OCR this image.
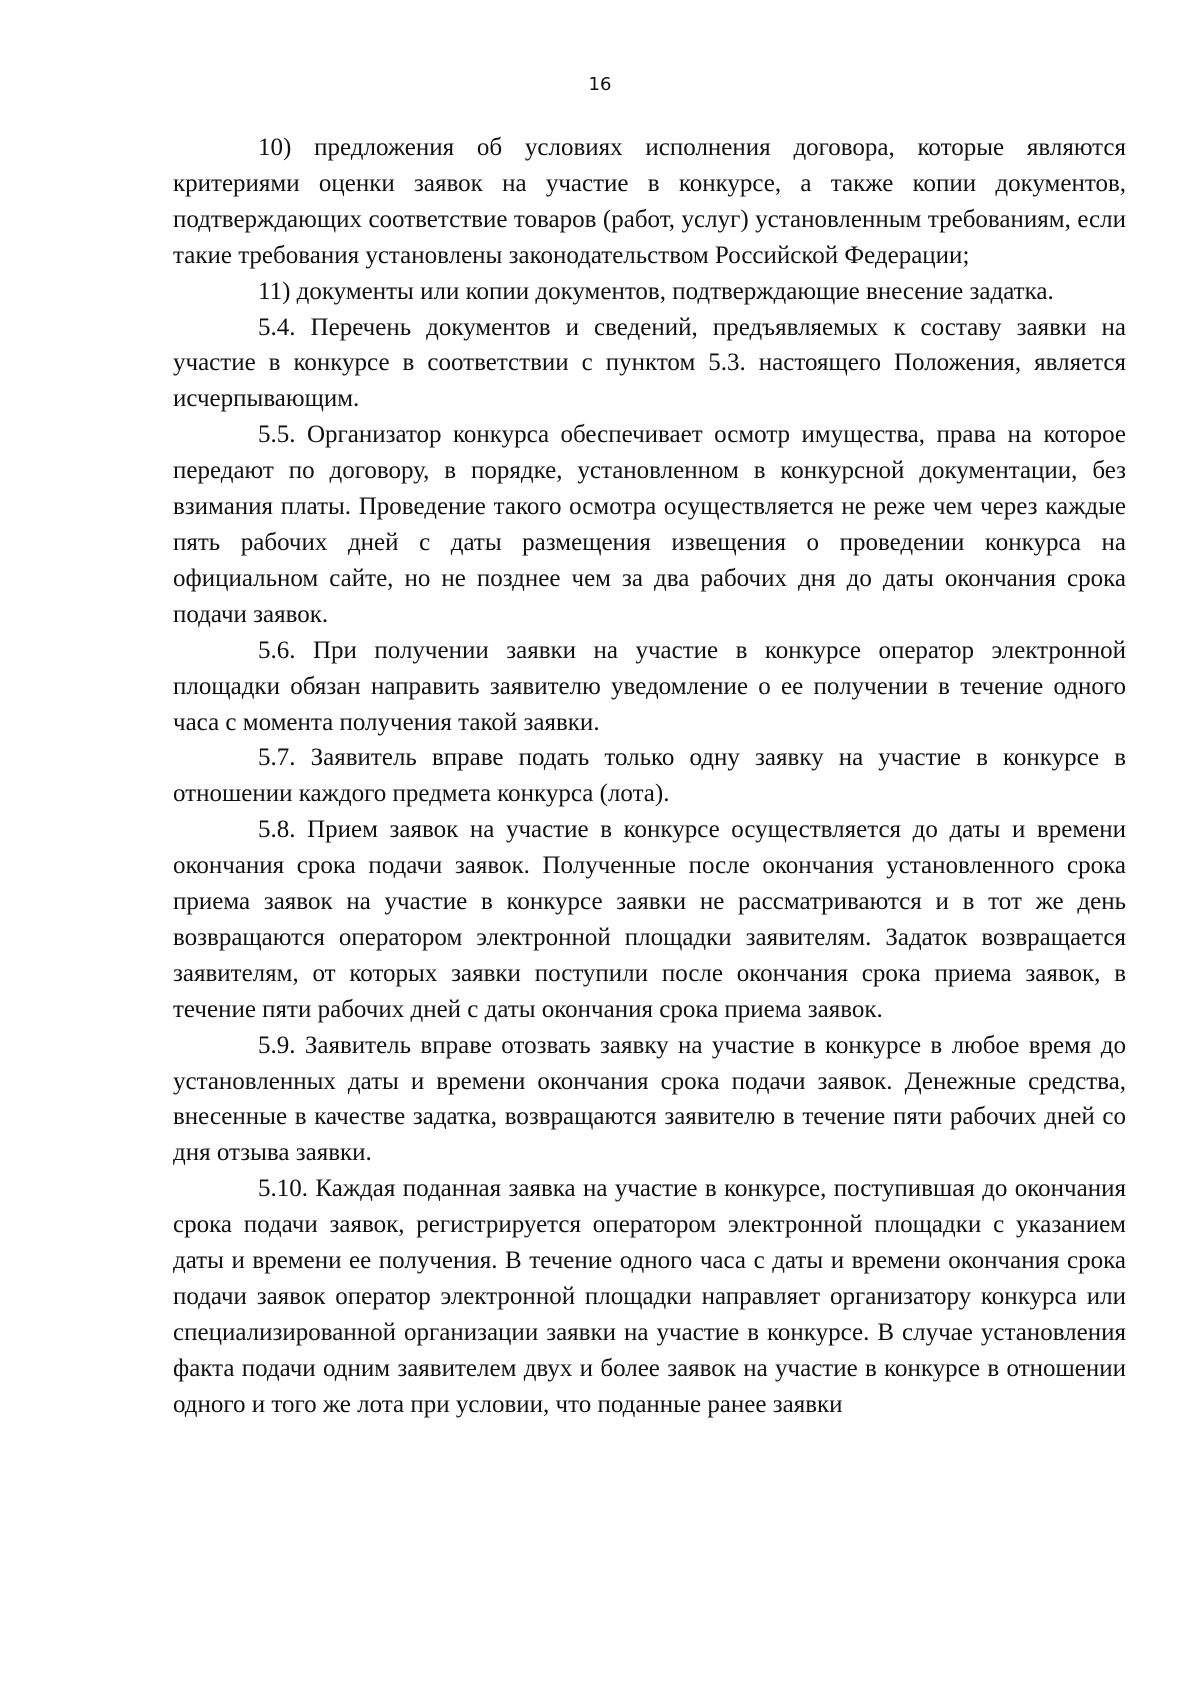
16

10) предложения об условиях исполнения договора, которые являются критериями оценки заявок на участие в конкурсе, а также копии документов, подтверждающих соответствие товаров (работ, услуг) установленным требованиям, если такие требования установлены законодательством Российской Федерации;

11) документы или копии документов, подтверждающие внесение задатка.

5.4. Перечень документов и сведений, предъявляемых к составу заявки на участие в конкурсе в соответствии с пунктом 5.3. настоящего Положения, является исчерпывающим.

5.5. Организатор конкурса обеспечивает осмотр имущества, права на которое передают по договору, в порядке, установленном в конкурсной документации, без взимания платы. Проведение такого осмотра осуществляется не реже чем через каждые пять рабочих дней с даты размещения извещения о проведении конкурса на официальном сайте, но не позднее чем за два рабочих дня до даты окончания срока подачи заявок.

5.6. При получении заявки на участие в конкурсе оператор электронной площадки обязан направить заявителю уведомление о ее получении в течение одного часа с момента получения такой заявки.

5.7. Заявитель вправе подать только одну заявку на участие в конкурсе в отношении каждого предмета конкурса (лота).

5.8. Прием заявок на участие в конкурсе осуществляется до даты и времени окончания срока подачи заявок. Полученные после окончания установленного срока приема заявок на участие в конкурсе заявки не рассматриваются и в тот же день возвращаются оператором электронной площадки заявителям. Задаток возвращается заявителям, от которых заявки поступили после окончания срока приема заявок, в течение пяти рабочих дней с даты окончания срока приема заявок.

5.9. Заявитель вправе отозвать заявку на участие в конкурсе в любое время до установленных даты и времени окончания срока подачи заявок. Денежные средства, внесенные в качестве задатка, возвращаются заявителю в течение пяти рабочих дней со дня отзыва заявки.

5.10. Каждая поданная заявка на участие в конкурсе, поступившая до окончания срока подачи заявок, регистрируется оператором электронной площадки с указанием даты и времени ее получения. В течение одного часа с даты и времени окончания срока подачи заявок оператор электронной площадки направляет организатору конкурса или специализированной организации заявки на участие в конкурсе. В случае установления факта подачи одним заявителем двух и более заявок на участие в конкурсе в отношении одного и того же лота при условии, что поданные ранее заявки
